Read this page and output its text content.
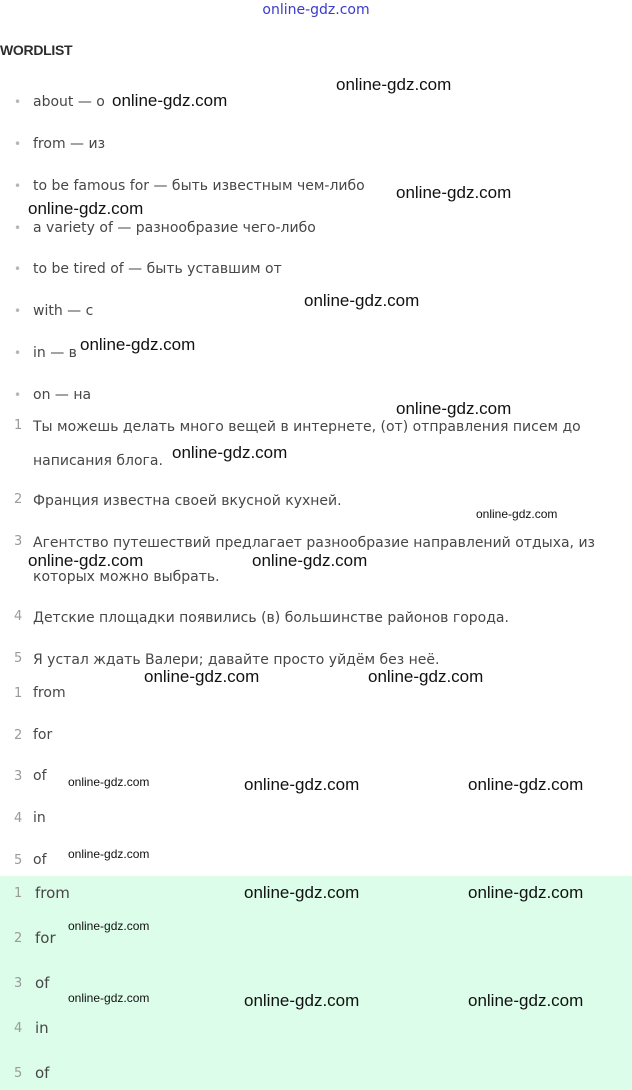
online-gdz.com
WORDLIST
• about — о
• from — из
• to be famous for — быть известным чем-либо
• a variety of — разнообразие чего-либо
• to be tired of — быть уставшим от
• with — с
• in — в
• on — на
1 Ты можешь делать много вещей в интернете, (от) отправления писем до написания блога.
2 Франция известна своей вкусной кухней.
3 Агентство путешествий предлагает разнообразие направлений отдыха, из которых можно выбрать.
4 Детские площадки появились (в) большинстве районов города.
5 Я устал ждать Валери; давайте просто уйдём без неё.
1 from
2 for
3 of
4 in
5 of
1 from
2 for
3 of
4 in
5 of
online-gdz.com
online-gdz.com
online-gdz.com
online-gdz.com
online-gdz.com
online-gdz.com
online-gdz.com
online-gdz.com
online-gdz.com
online-gdz.com	online-gdz.com
online-gdz.com	online-gdz.com
online-gdz.com	online-gdz.com	online-gdz.com
online-gdz.com
online-gdz.com	online-gdz.com
online-gdz.com
online-gdz.com	online-gdz.com	online-gdz.com
